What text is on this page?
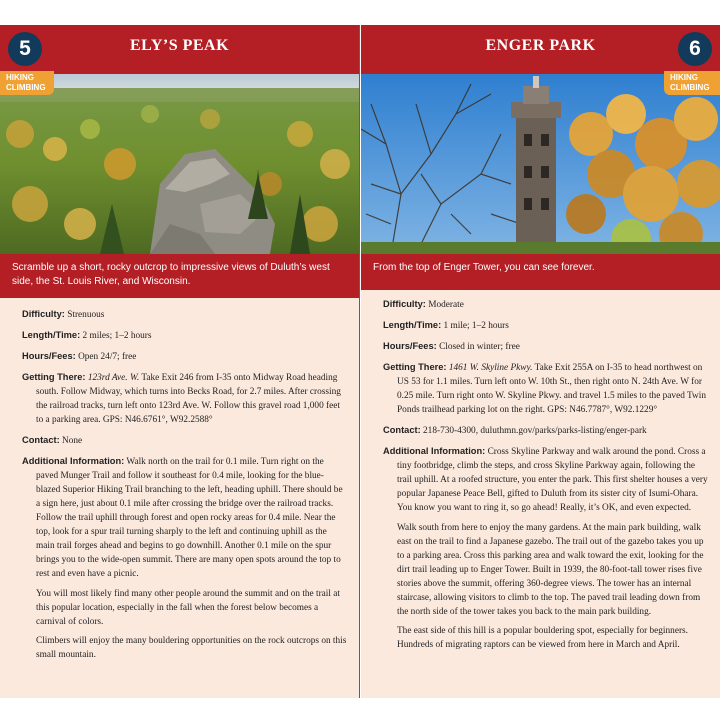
5	ELY’S PEAK
HIKING
CLIMBING
Scramble up a short, rocky outcrop to impressive views of Duluth’s west side, the St. Louis River, and Wisconsin.
Difficulty: Strenuous
Length/Time: 2 miles; 1–2 hours
Hours/Fees: Open 24/7; free
Getting There: 123rd Ave. W. Take Exit 246 from I-35 onto Midway Road heading south. Follow Midway, which turns into Becks Road, for 2.7 miles. After crossing the railroad tracks, turn left onto 123rd Ave. W. Follow this gravel road 1,000 feet to a parking area. GPS: N46.6761°, W92.2588°
Contact: None
Additional Information: Walk north on the trail for 0.1 mile. Turn right on the paved Munger Trail and follow it southeast for 0.4 mile, looking for the blue-blazed Superior Hiking Trail branching to the left, heading uphill. There should be a sign here, just about 0.1 mile after crossing the bridge over the railroad tracks. Follow the trail uphill through forest and open rocky areas for 0.4 mile. Near the top, look for a spur trail turning sharply to the left and continuing uphill as the main trail forges ahead and begins to go downhill. Another 0.1 mile on the spur brings you to the wide-open summit. There are many open spots around the top to rest and even have a picnic.
You will most likely find many other people around the summit and on the trail at this popular location, especially in the fall when the forest below becomes a carnival of colors.
Climbers will enjoy the many bouldering opportunities on the rock outcrops on this small mountain.
ENGER PARK	6
HIKING
CLIMBING
From the top of Enger Tower, you can see forever.
Difficulty: Moderate
Length/Time: 1 mile; 1–2 hours
Hours/Fees: Closed in winter; free
Getting There: 1461 W. Skyline Pkwy. Take Exit 255A on I-35 to head northwest on US 53 for 1.1 miles. Turn left onto W. 10th St., then right onto N. 24th Ave. W for 0.25 mile. Turn right onto W. Skyline Pkwy. and travel 1.5 miles to the paved Twin Ponds trailhead parking lot on the right. GPS: N46.7787°, W92.1229°
Contact: 218-730-4300, duluthmn.gov/parks/parks-listing/enger-park
Additional Information: Cross Skyline Parkway and walk around the pond. Cross a tiny footbridge, climb the steps, and cross Skyline Parkway again, following the trail uphill. At a roofed structure, you enter the park. This first shelter houses a very popular Japanese Peace Bell, gifted to Duluth from its sister city of Isumi-Ohara. You know you want to ring it, so go ahead! Really, it’s OK, and even expected.
Walk south from here to enjoy the many gardens. At the main park building, walk east on the trail to find a Japanese gazebo. The trail out of the gazebo takes you up to a parking area. Cross this parking area and walk toward the exit, looking for the dirt trail leading up to Enger Tower. Built in 1939, the 80-foot-tall tower rises five stories above the summit, offering 360-degree views. The tower has an internal staircase, allowing visitors to climb to the top. The paved trail leading down from the north side of the tower takes you back to the main park building.
The east side of this hill is a popular bouldering spot, especially for beginners. Hundreds of migrating raptors can be viewed from here in March and April.
